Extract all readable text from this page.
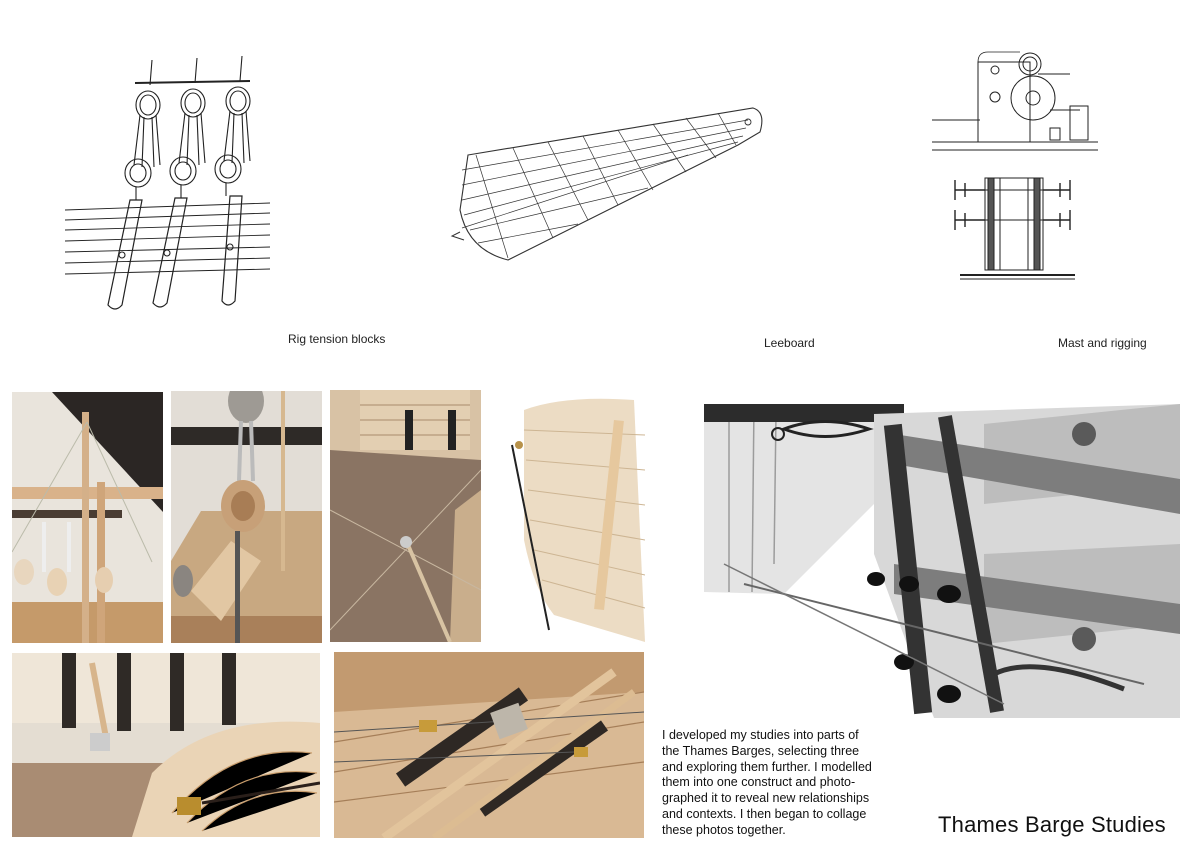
Rig tension blocks	Leeboard	Mast and rigging
I developed my studies into parts of
the Thames Barges, selecting three
and exploring them further. I modelled
them into one construct and photo-
graphed it to reveal new relationships
and contexts. I then began to collage
these photos together.	Thames Barge Studies
